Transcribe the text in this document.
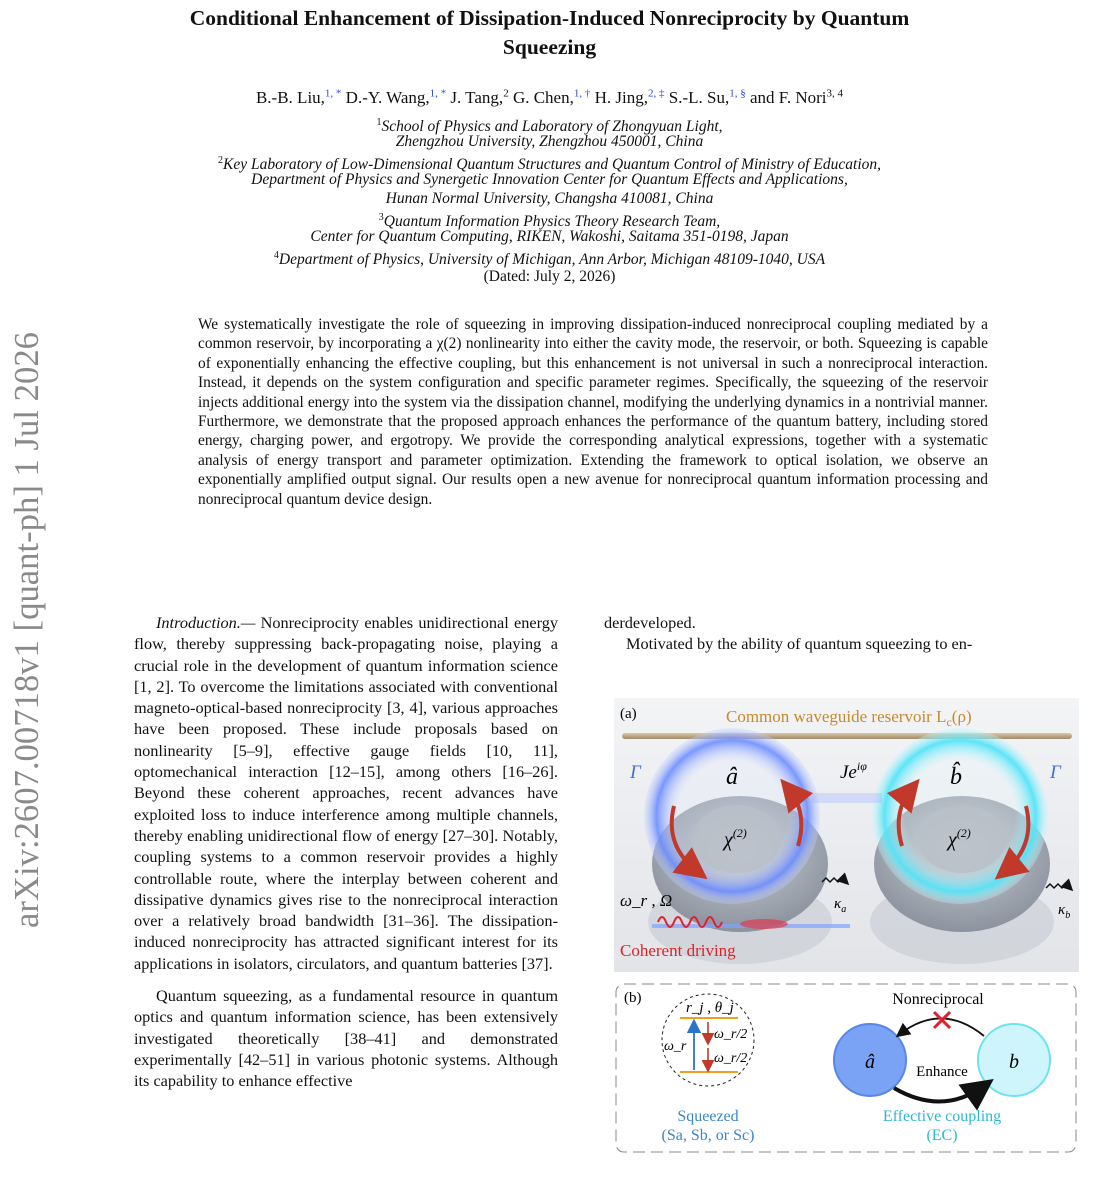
Conditional Enhancement of Dissipation-Induced Nonreciprocity by Quantum
Squeezing
B.-B. Liu,$^{1, *}$ D.-Y. Wang,$^{1, *}$ J. Tang,$^2$ G. Chen,$^{1, \dagger}$ H. Jing,$^{2, \ddagger}$ S.-L. Su,$^{1, \S}$ and F. Nori$^{3, 4}$
$^1$School of Physics and Laboratory of Zhongyuan Light,
Zhengzhou University, Zhengzhou 450001, China
$^2$Key Laboratory of Low-Dimensional Quantum Structures and Quantum Control of Ministry of Education,
Department of Physics and Synergetic Innovation Center for Quantum Effects and Applications,
Hunan Normal University, Changsha 410081, China
$^3$Quantum Information Physics Theory Research Team,
Center for Quantum Computing, RIKEN, Wakoshi, Saitama 351-0198, Japan
$^4$Department of Physics, University of Michigan, Ann Arbor, Michigan 48109-1040, USA
(Dated: July 2, 2026)
arXiv:2607.00718v1 [quant-ph] 1 Jul 2026
We systematically investigate the role of squeezing in improving dissipation-induced nonreciprocal coupling mediated by a common reservoir, by incorporating a χ(2) nonlinearity into either the cavity mode, the reservoir, or both. Squeezing is capable of exponentially enhancing the effective coupling, but this enhancement is not universal in such a nonreciprocal interaction. Instead, it depends on the system configuration and specific parameter regimes. Specifically, the squeezing of the reservoir injects additional energy into the system via the dissipation channel, modifying the underlying dynamics in a nontrivial manner. Furthermore, we demonstrate that the proposed approach enhances the performance of the quantum battery, including stored energy, charging power, and ergotropy. We provide the corresponding analytical expressions, together with a systematic analysis of energy transport and parameter optimization. Extending the framework to optical isolation, we observe an exponentially amplified output signal. Our results open a new avenue for nonreciprocal quantum information processing and nonreciprocal quantum device design.

Introduction.— Nonreciprocity enables unidirectional energy flow, thereby suppressing back-propagating noise, playing a crucial role in the development of quantum information science [1, 2]. To overcome the limitations associated with conventional magneto-optical-based nonreciprocity [3, 4], various approaches have been proposed. These include proposals based on nonlinearity [5–9], effective gauge fields [10, 11], optomechanical interaction [12–15], among others [16–26]. Beyond these coherent approaches, recent advances have exploited loss to induce interference among multiple channels, thereby enabling unidirectional flow of energy [27–30]. Notably, coupling systems to a common reservoir provides a highly controllable route, where the interplay between coherent and dissipative dynamics gives rise to the nonreciprocal interaction over a relatively broad bandwidth [31–36]. The dissipation-induced nonreciprocity has attracted significant interest for its applications in isolators, circulators, and quantum batteries [37].

Quantum squeezing, as a fundamental resource in quantum optics and quantum information science, has been extensively investigated theoretically [38–41] and demonstrated experimentally [42–51] in various photonic systems. Although its capability to enhance effective

derdeveloped.

Motivated by the ability of quantum squeezing to en-

(a)	Common waveguide reservoir $L_c(\rho)$
Γ	Γ
â	b̂
$Je^{i\varphi}$
$\chi^{(2)}$	$\chi^{(2)}$
ω_r , Ω
Coherent driving
$\kappa_a$	$\kappa_b$
(b)
r_j , θ_j
ω_r
ω_r/2
ω_r/2
Squeezed
(Sa, Sb, or Sc)
Nonreciprocal
â	b
Enhance
Effective coupling
(EC)
